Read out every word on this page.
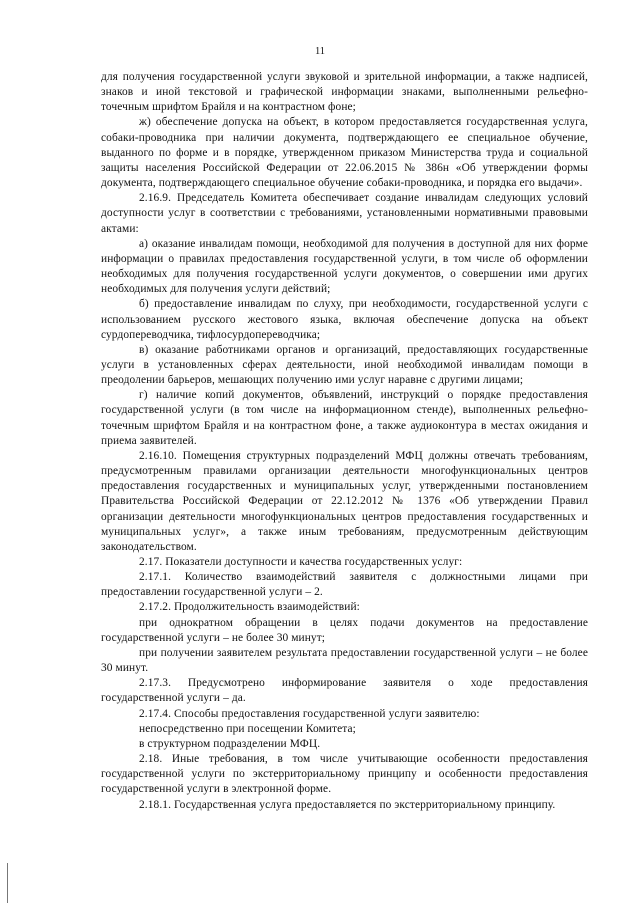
11

для получения государственной услуги звуковой и зрительной информации, а также надписей, знаков и иной текстовой и графической информации знаками, выполненными рельефно-точечным шрифтом Брайля и на контрастном фоне;

ж) обеспечение допуска на объект, в котором предоставляется государственная услуга, собаки-проводника при наличии документа, подтверждающего ее специальное обучение, выданного по форме и в порядке, утвержденном приказом Министерства труда и социальной защиты населения Российской Федерации от 22.06.2015 № 386н «Об утверждении формы документа, подтверждающего специальное обучение собаки-проводника, и порядка его выдачи».

2.16.9. Председатель Комитета обеспечивает создание инвалидам следующих условий доступности услуг в соответствии с требованиями, установленными нормативными правовыми актами:

а) оказание инвалидам помощи, необходимой для получения в доступной для них форме информации о правилах предоставления государственной услуги, в том числе об оформлении необходимых для получения государственной услуги документов, о совершении ими других необходимых для получения услуги действий;

б) предоставление инвалидам по слуху, при необходимости, государственной услуги с использованием русского жестового языка, включая обеспечение допуска на объект сурдопереводчика, тифлосурдопереводчика;

в) оказание работниками органов и организаций, предоставляющих государственные услуги в установленных сферах деятельности, иной необходимой инвалидам помощи в преодолении барьеров, мешающих получению ими услуг наравне с другими лицами;

г) наличие копий документов, объявлений, инструкций о порядке предоставления государственной услуги (в том числе на информационном стенде), выполненных рельефно-точечным шрифтом Брайля и на контрастном фоне, а также аудиоконтура в местах ожидания и приема заявителей.

2.16.10. Помещения структурных подразделений МФЦ должны отвечать требованиям, предусмотренным правилами организации деятельности многофункциональных центров предоставления государственных и муниципальных услуг, утвержденными постановлением Правительства Российской Федерации от 22.12.2012 № 1376 «Об утверждении Правил организации деятельности многофункциональных центров предоставления государственных и муниципальных услуг», а также иным требованиям, предусмотренным действующим законодательством.

2.17. Показатели доступности и качества государственных услуг:

2.17.1. Количество взаимодействий заявителя с должностными лицами при предоставлении государственной услуги – 2.

2.17.2. Продолжительность взаимодействий:

при однократном обращении в целях подачи документов на предоставление государственной услуги – не более 30 минут;

при получении заявителем результата предоставлении государственной услуги – не более 30 минут.

2.17.3. Предусмотрено информирование заявителя о ходе предоставления государственной услуги – да.

2.17.4. Способы предоставления государственной услуги заявителю:

непосредственно при посещении Комитета;

в структурном подразделении МФЦ.

2.18. Иные требования, в том числе учитывающие особенности предоставления государственной услуги по экстерриториальному принципу и особенности предоставления государственной услуги в электронной форме.

2.18.1. Государственная услуга предоставляется по экстерриториальному принципу.
